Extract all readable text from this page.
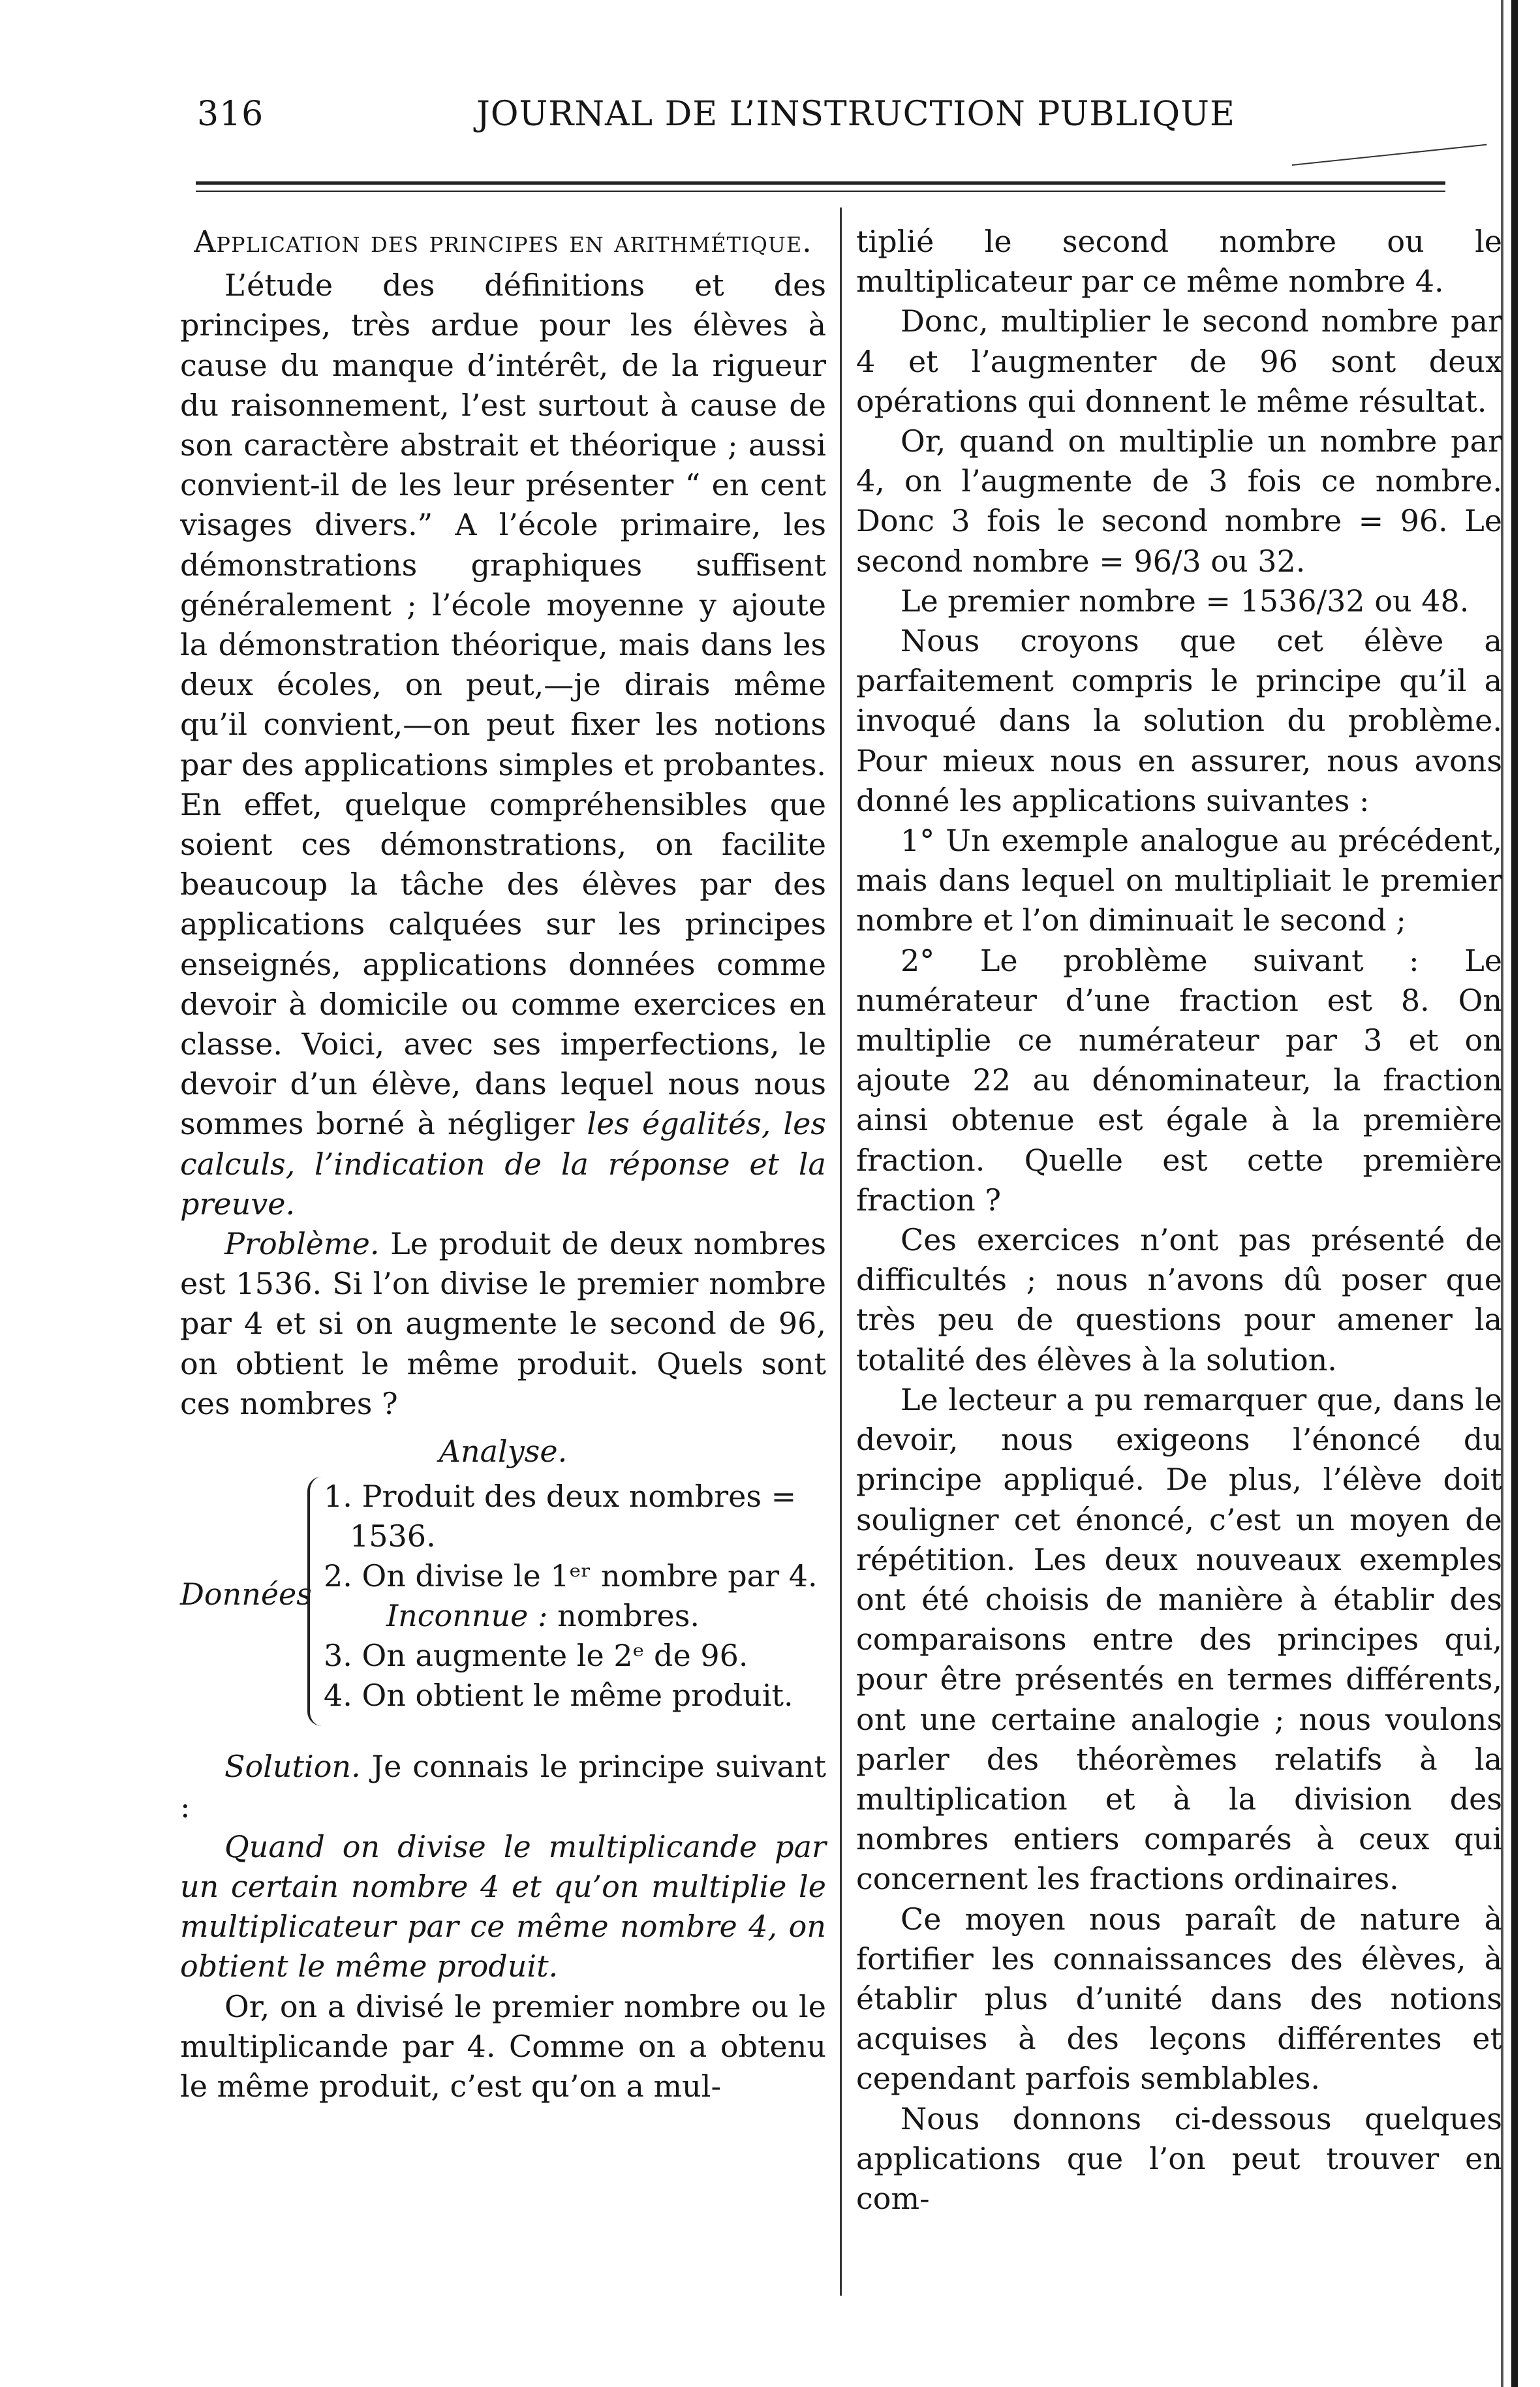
316	JOURNAL DE L’INSTRUCTION PUBLIQUE

Application des principes en arithmétique.

L’étude des définitions et des principes, très ardue pour les élèves à cause du manque d’intérêt, de la rigueur du raisonnement, l’est surtout à cause de son caractère abstrait et théorique ; aussi convient-il de les leur présenter “ en cent visages divers.” A l’école primaire, les démonstrations graphiques suffisent généralement ; l’école moyenne y ajoute la démonstration théorique, mais dans les deux écoles, on peut,—je dirais même qu’il convient,—on peut fixer les notions par des applications simples et probantes. En effet, quelque compréhensibles que soient ces démonstrations, on facilite beaucoup la tâche des élèves par des applications calquées sur les principes enseignés, applications données comme devoir à domicile ou comme exercices en classe. Voici, avec ses imperfections, le devoir d’un élève, dans lequel nous nous sommes borné à négliger les égalités, les calculs, l’indication de la réponse et la preuve.

Problème. Le produit de deux nombres est 1536. Si l’on divise le premier nombre par 4 et si on augmente le second de 96, on obtient le même produit. Quels sont ces nombres ?

Analyse.

Données
1. Produit des deux nombres =
1536.
2. On divise le 1ᵉʳ nombre par 4.
Inconnue : nombres.
3. On augmente le 2ᵉ de 96.
4. On obtient le même produit.

Solution. Je connais le principe suivant :

Quand on divise le multiplicande par un certain nombre 4 et qu’on multiplie le multiplicateur par ce même nombre 4, on obtient le même produit.

Or, on a divisé le premier nombre ou le multiplicande par 4. Comme on a obtenu le même produit, c’est qu’on a mul-

tiplié le second nombre ou le multiplicateur par ce même nombre 4.

Donc, multiplier le second nombre par 4 et l’augmenter de 96 sont deux opérations qui donnent le même résultat.

Or, quand on multiplie un nombre par 4, on l’augmente de 3 fois ce nombre. Donc 3 fois le second nombre = 96. Le second nombre = 96/3 ou 32.

Le premier nombre = 1536/32 ou 48.

Nous croyons que cet élève a parfaitement compris le principe qu’il a invoqué dans la solution du problème. Pour mieux nous en assurer, nous avons donné les applications suivantes :

1° Un exemple analogue au précédent, mais dans lequel on multipliait le premier nombre et l’on diminuait le second ;

2° Le problème suivant : Le numérateur d’une fraction est 8. On multiplie ce numérateur par 3 et on ajoute 22 au dénominateur, la fraction ainsi obtenue est égale à la première fraction. Quelle est cette première fraction ?

Ces exercices n’ont pas présenté de difficultés ; nous n’avons dû poser que très peu de questions pour amener la totalité des élèves à la solution.

Le lecteur a pu remarquer que, dans le devoir, nous exigeons l’énoncé du principe appliqué. De plus, l’élève doit souligner cet énoncé, c’est un moyen de répétition. Les deux nouveaux exemples ont été choisis de manière à établir des comparaisons entre des principes qui, pour être présentés en termes différents, ont une certaine analogie ; nous voulons parler des théorèmes relatifs à la multiplication et à la division des nombres entiers comparés à ceux qui concernent les fractions ordinaires.

Ce moyen nous paraît de nature à fortifier les connaissances des élèves, à établir plus d’unité dans des notions acquises à des leçons différentes et cependant parfois semblables.

Nous donnons ci-dessous quelques applications que l’on peut trouver en com-
